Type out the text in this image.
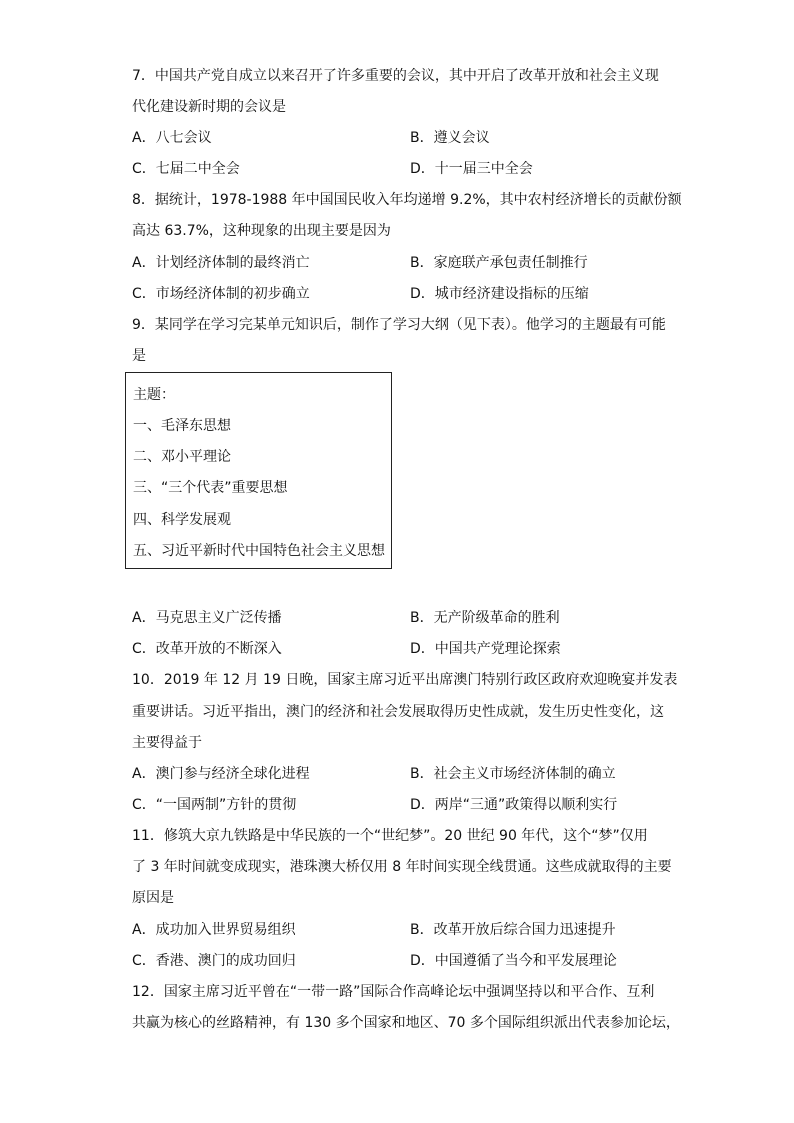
7．中国共产党自成立以来召开了许多重要的会议，其中开启了改革开放和社会主义现
代化建设新时期的会议是
A．八七会议	B．遵义会议
C．七届二中全会	D．十一届三中全会
8．据统计，1978-1988 年中国国民收入年均递增 9.2%，其中农村经济增长的贡献份额
高达 63.7%，这种现象的出现主要是因为
A．计划经济体制的最终消亡	B．家庭联产承包责任制推行
C．市场经济体制的初步确立	D．城市经济建设指标的压缩
9．某同学在学习完某单元知识后，制作了学习大纲（见下表）。他学习的主题最有可能
是
主题：
一、毛泽东思想
二、邓小平理论
三、“三个代表”重要思想
四、科学发展观
五、习近平新时代中国特色社会主义思想
A．马克思主义广泛传播	B．无产阶级革命的胜利
C．改革开放的不断深入	D．中国共产党理论探索
10．2019 年 12 月 19 日晚，国家主席习近平出席澳门特别行政区政府欢迎晚宴并发表
重要讲话。习近平指出，澳门的经济和社会发展取得历史性成就，发生历史性变化，这
主要得益于
A．澳门参与经济全球化进程	B．社会主义市场经济体制的确立
C．“一国两制”方针的贯彻	D．两岸“三通”政策得以顺利实行
11．修筑大京九铁路是中华民族的一个“世纪梦”。20 世纪 90 年代，这个“梦”仅用
了 3 年时间就变成现实，港珠澳大桥仅用 8 年时间实现全线贯通。这些成就取得的主要
原因是
A．成功加入世界贸易组织	B．改革开放后综合国力迅速提升
C．香港、澳门的成功回归	D．中国遵循了当今和平发展理论
12．国家主席习近平曾在“一带一路”国际合作高峰论坛中强调坚持以和平合作、互利
共赢为核心的丝路精神，有 130 多个国家和地区、70 多个国际组织派出代表参加论坛，
